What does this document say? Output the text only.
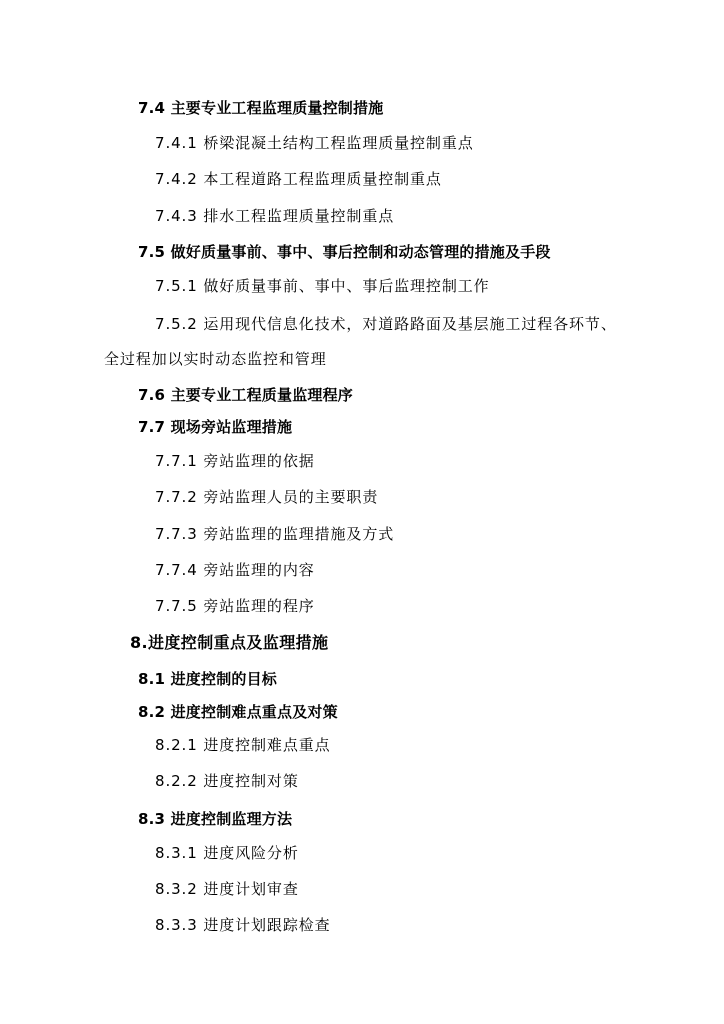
7.4 主要专业工程监理质量控制措施
7.4.1 桥梁混凝土结构工程监理质量控制重点
7.4.2 本工程道路工程监理质量控制重点
7.4.3 排水工程监理质量控制重点
7.5 做好质量事前、事中、事后控制和动态管理的措施及手段
7.5.1 做好质量事前、事中、事后监理控制工作
7.5.2 运用现代信息化技术，对道路路面及基层施工过程各环节、
全过程加以实时动态监控和管理
7.6 主要专业工程质量监理程序
7.7 现场旁站监理措施
7.7.1 旁站监理的依据
7.7.2 旁站监理人员的主要职责
7.7.3 旁站监理的监理措施及方式
7.7.4 旁站监理的内容
7.7.5 旁站监理的程序
8.进度控制重点及监理措施
8.1 进度控制的目标
8.2 进度控制难点重点及对策
8.2.1 进度控制难点重点
8.2.2 进度控制对策
8.3 进度控制监理方法
8.3.1 进度风险分析
8.3.2 进度计划审查
8.3.3 进度计划跟踪检查
